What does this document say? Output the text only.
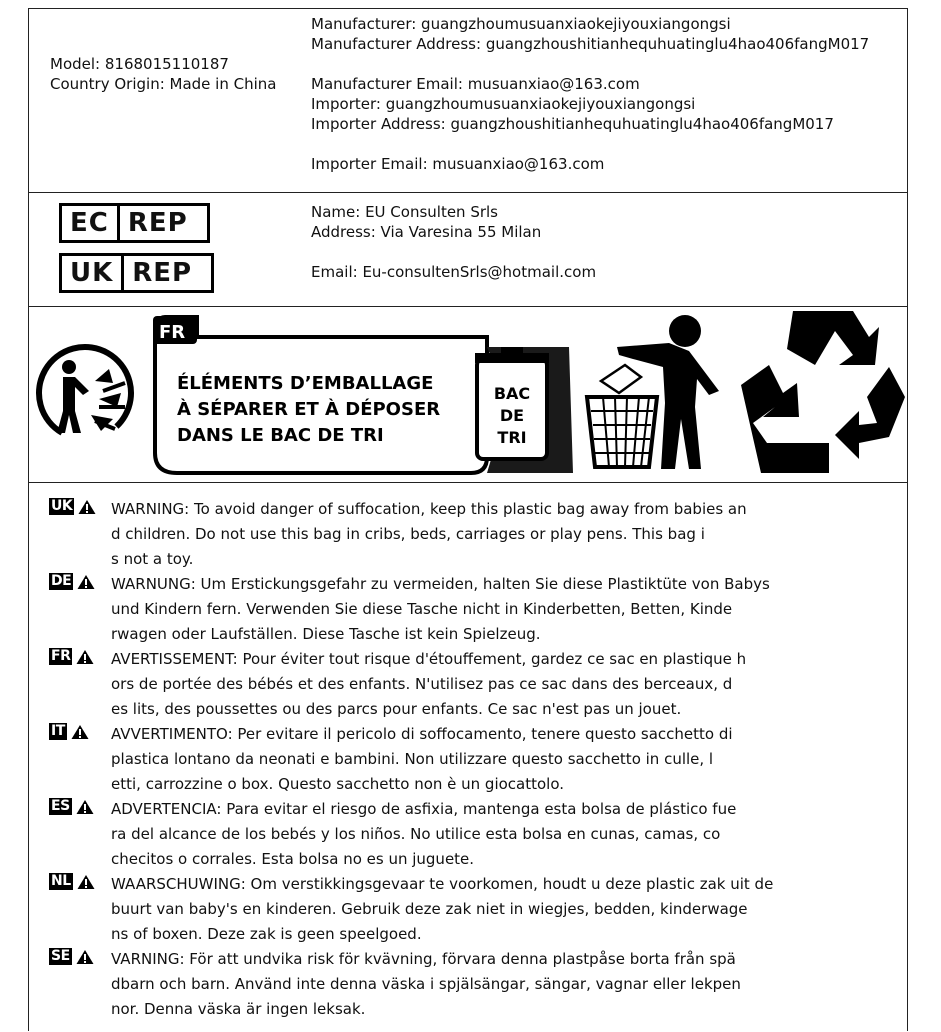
Model: 8168015110187
Country Origin: Made in China
Manufacturer: guangzhoumusuanxiaokejiyouxiangongsi
Manufacturer Address: guangzhoushitianhequhuatinglu4hao406fangM017
Manufacturer Email: musuanxiao@163.com
Importer: guangzhoumusuanxiaokejiyouxiangongsi
Importer Address: guangzhoushitianhequhuatinglu4hao406fangM017
Importer Email: musuanxiao@163.com
EC REP
UK REP
Name: EU Consulten Srls
Address: Via Varesina 55 Milan
Email: Eu-consultenSrls@hotmail.com
FR
ÉLÉMENTS D’EMBALLAGE
À SÉPARER ET À DÉPOSER
DANS LE BAC DE TRI
BAC
DE
TRI
UK	WARNING: To avoid danger of suffocation, keep this plastic bag away from babies an
d children. Do not use this bag in cribs, beds, carriages or play pens. This bag i
s not a toy.
DE	WARNUNG: Um Erstickungsgefahr zu vermeiden, halten Sie diese Plastiktüte von Babys
und Kindern fern. Verwenden Sie diese Tasche nicht in Kinderbetten, Betten, Kinde
rwagen oder Laufställen. Diese Tasche ist kein Spielzeug.
FR	AVERTISSEMENT: Pour éviter tout risque d'étouffement, gardez ce sac en plastique h
ors de portée des bébés et des enfants. N'utilisez pas ce sac dans des berceaux, d
es lits, des poussettes ou des parcs pour enfants. Ce sac n'est pas un jouet.
IT	AVVERTIMENTO: Per evitare il pericolo di soffocamento, tenere questo sacchetto di
plastica lontano da neonati e bambini. Non utilizzare questo sacchetto in culle, l
etti, carrozzine o box. Questo sacchetto non è un giocattolo.
ES	ADVERTENCIA: Para evitar el riesgo de asfixia, mantenga esta bolsa de plástico fue
ra del alcance de los bebés y los niños. No utilice esta bolsa en cunas, camas, co
checitos o corrales. Esta bolsa no es un juguete.
NL	WAARSCHUWING: Om verstikkingsgevaar te voorkomen, houdt u deze plastic zak uit de
buurt van baby's en kinderen. Gebruik deze zak niet in wiegjes, bedden, kinderwage
ns of boxen. Deze zak is geen speelgoed.
SE	VARNING: För att undvika risk för kvävning, förvara denna plastpåse borta från spä
dbarn och barn. Använd inte denna väska i spjälsängar, sängar, vagnar eller lekpen
nor. Denna väska är ingen leksak.
